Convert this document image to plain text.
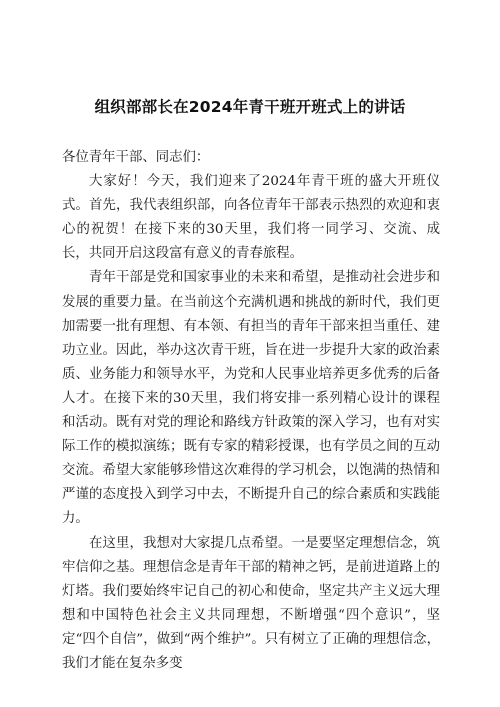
组织部部长在2024年青干班开班式上的讲话

各位青年干部、同志们：

大家好！今天，我们迎来了2024年青干班的盛大开班仪式。首先，我代表组织部，向各位青年干部表示热烈的欢迎和衷心的祝贺！在接下来的30天里，我们将一同学习、交流、成长，共同开启这段富有意义的青春旅程。

青年干部是党和国家事业的未来和希望，是推动社会进步和发展的重要力量。在当前这个充满机遇和挑战的新时代，我们更加需要一批有理想、有本领、有担当的青年干部来担当重任、建功立业。因此，举办这次青干班，旨在进一步提升大家的政治素质、业务能力和领导水平，为党和人民事业培养更多优秀的后备人才。在接下来的30天里，我们将安排一系列精心设计的课程和活动。既有对党的理论和路线方针政策的深入学习，也有对实际工作的模拟演练；既有专家的精彩授课，也有学员之间的互动交流。希望大家能够珍惜这次难得的学习机会，以饱满的热情和严谨的态度投入到学习中去，不断提升自己的综合素质和实践能力。

在这里，我想对大家提几点希望。一是要坚定理想信念，筑牢信仰之基。理想信念是青年干部的精神之钙，是前进道路上的灯塔。我们要始终牢记自己的初心和使命，坚定共产主义远大理想和中国特色社会主义共同理想，不断增强“四个意识”，坚定“四个自信”，做到“两个维护”。只有树立了正确的理想信念，我们才能在复杂多变
